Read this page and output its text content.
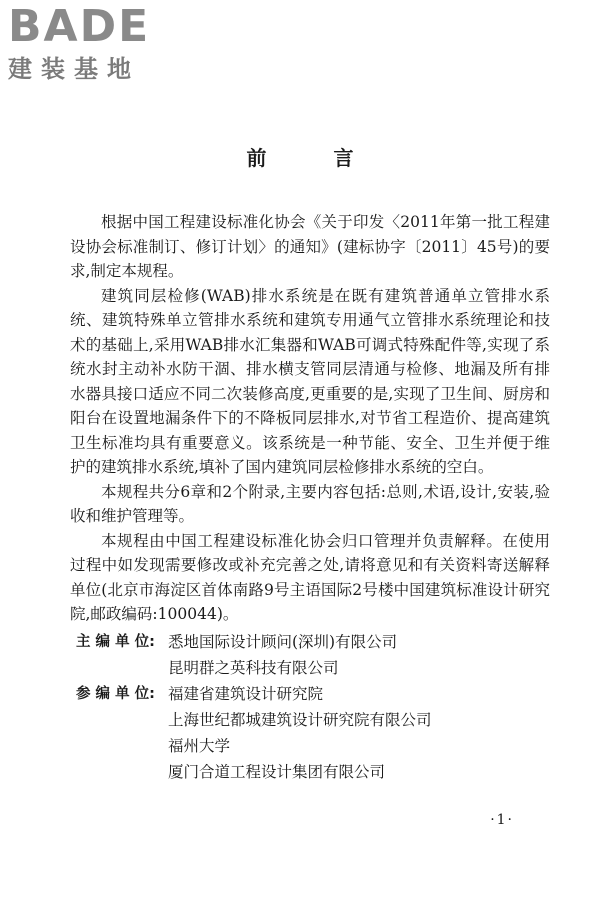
BADE
建装基地
前 言

根据中国工程建设标准化协会《关于印发〈2011年第一批工程建设协会标准制订、修订计划〉的通知》(建标协字〔2011〕45号)的要求,制定本规程。

建筑同层检修(WAB)排水系统是在既有建筑普通单立管排水系统、建筑特殊单立管排水系统和建筑专用通气立管排水系统理论和技术的基础上,采用WAB排水汇集器和WAB可调式特殊配件等,实现了系统水封主动补水防干涸、排水横支管同层清通与检修、地漏及所有排水器具接口适应不同二次装修高度,更重要的是,实现了卫生间、厨房和阳台在设置地漏条件下的不降板同层排水,对节省工程造价、提高建筑卫生标准均具有重要意义。该系统是一种节能、安全、卫生并便于维护的建筑排水系统,填补了国内建筑同层检修排水系统的空白。

本规程共分6章和2个附录,主要内容包括:总则,术语,设计,安装,验收和维护管理等。

本规程由中国工程建设标准化协会归口管理并负责解释。在使用过程中如发现需要修改或补充完善之处,请将意见和有关资料寄送解释单位(北京市海淀区首体南路9号主语国际2号楼中国建筑标准设计研究院,邮政编码:100044)。

主 编 单 位: 悉地国际设计顾问(深圳)有限公司
昆明群之英科技有限公司
参 编 单 位: 福建省建筑设计研究院
上海世纪都城建筑设计研究院有限公司
福州大学
厦门合道工程设计集团有限公司
·1·
